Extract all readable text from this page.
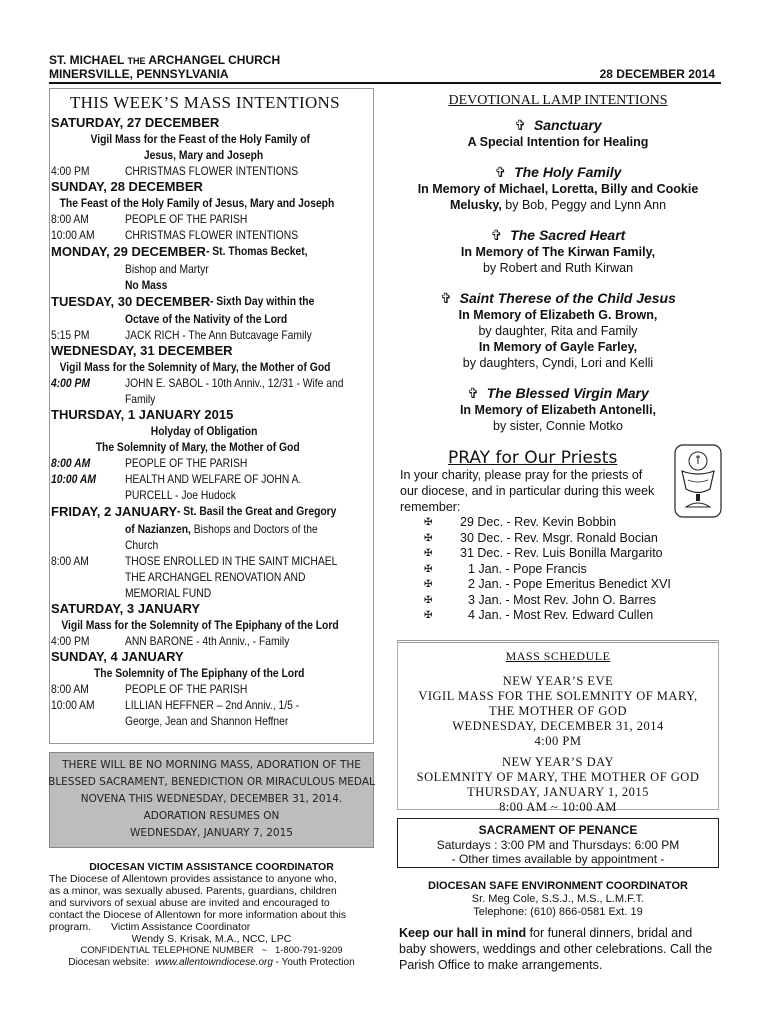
ST. MICHAEL THE ARCHANGEL CHURCH
MINERSVILLE, PENNSYLVANIA	28 DECEMBER 2014
THIS WEEK’S MASS INTENTIONS
SATURDAY, 27 DECEMBER
Vigil Mass for the Feast of the Holy Family of
Jesus, Mary and Joseph
4:00 PM	CHRISTMAS FLOWER INTENTIONS
SUNDAY, 28 DECEMBER
The Feast of the Holy Family of Jesus, Mary and Joseph
8:00 AM	PEOPLE OF THE PARISH
10:00 AM	CHRISTMAS FLOWER INTENTIONS
MONDAY, 29 DECEMBER- St. Thomas Becket,
Bishop and Martyr
No Mass
TUESDAY, 30 DECEMBER- Sixth Day within the
Octave of the Nativity of the Lord
5:15 PM	JACK RICH - The Ann Butcavage Family
WEDNESDAY, 31 DECEMBER
Vigil Mass for the Solemnity of Mary, the Mother of God
4:00 PM	JOHN E. SABOL - 10th Anniv., 12/31 - Wife and
Family
THURSDAY, 1 JANUARY 2015
Holyday of Obligation
The Solemnity of Mary, the Mother of God
8:00 AM	PEOPLE OF THE PARISH
10:00 AM HEALTH AND WELFARE OF JOHN A.
PURCELL - Joe Hudock
FRIDAY, 2 JANUARY- St. Basil the Great and Gregory
of Nazianzen, Bishops and Doctors of the
Church
8:00 AM	THOSE ENROLLED IN THE SAINT MICHAEL
THE ARCHANGEL RENOVATION AND
MEMORIAL FUND
SATURDAY, 3 JANUARY
Vigil Mass for the Solemnity of The Epiphany of the Lord
4:00 PM	ANN BARONE - 4th Anniv., - Family
SUNDAY, 4 JANUARY
The Solemnity of The Epiphany of the Lord
8:00 AM	PEOPLE OF THE PARISH
10:00 AM	LILLIAN HEFFNER – 2nd Anniv., 1/5 -
George, Jean and Shannon Heffner
THERE WILL BE NO MORNING MASS, ADORATION OF THE
BLESSED SACRAMENT, BENEDICTION OR MIRACULOUS MEDAL
NOVENA THIS WEDNESDAY, DECEMBER 31, 2014.
ADORATION RESUMES ON
WEDNESDAY, JANUARY 7, 2015
DIOCESAN VICTIM ASSISTANCE COORDINATOR
The Diocese of Allentown provides assistance to anyone who,
as a minor, was sexually abused. Parents, guardians, children
and survivors of sexual abuse are invited and encouraged to
contact the Diocese of Allentown for more information about this
program. Victim Assistance Coordinator
Wendy S. Krisak, M.A., NCC, LPC
CONFIDENTIAL TELEPHONE NUMBER ~ 1-800-791-9209
Diocesan website: www.allentowndiocese.org - Youth Protection
DEVOTIONAL LAMP INTENTIONS
✞ Sanctuary
A Special Intention for Healing
✞ The Holy Family
In Memory of Michael, Loretta, Billy and Cookie
Melusky, by Bob, Peggy and Lynn Ann
✞ The Sacred Heart
In Memory of The Kirwan Family,
by Robert and Ruth Kirwan
✞ Saint Therese of the Child Jesus
In Memory of Elizabeth G. Brown,
by daughter, Rita and Family
In Memory of Gayle Farley,
by daughters, Cyndi, Lori and Kelli
✞ The Blessed Virgin Mary
In Memory of Elizabeth Antonelli,
by sister, Connie Motko
PRAY for Our Priests
In your charity, please pray for the priests of
our diocese, and in particular during this week
remember:
✠	29 Dec. - Rev. Kevin Bobbin
✠	30 Dec. - Rev. Msgr. Ronald Bocian
✠	31 Dec. - Rev. Luis Bonilla Margarito
✠	1 Jan. - Pope Francis
✠	2 Jan. - Pope Emeritus Benedict XVI
✠	3 Jan. - Most Rev. John O. Barres
✠	4 Jan. - Most Rev. Edward Cullen
MASS SCHEDULE
NEW YEAR’S EVE
VIGIL MASS FOR THE SOLEMNITY OF MARY,
THE MOTHER OF GOD
WEDNESDAY, DECEMBER 31, 2014
4:00 PM
NEW YEAR’S DAY
SOLEMNITY OF MARY, THE MOTHER OF GOD
THURSDAY, JANUARY 1, 2015
8:00 AM ~ 10:00 AM
SACRAMENT OF PENANCE
Saturdays : 3:00 PM and Thursdays: 6:00 PM
- Other times available by appointment -
DIOCESAN SAFE ENVIRONMENT COORDINATOR
Sr. Meg Cole, S.S.J., M.S., L.M.F.T.
Telephone: (610) 866-0581 Ext. 19
Keep our hall in mind for funeral dinners, bridal and
baby showers, weddings and other celebrations. Call the
Parish Office to make arrangements.
